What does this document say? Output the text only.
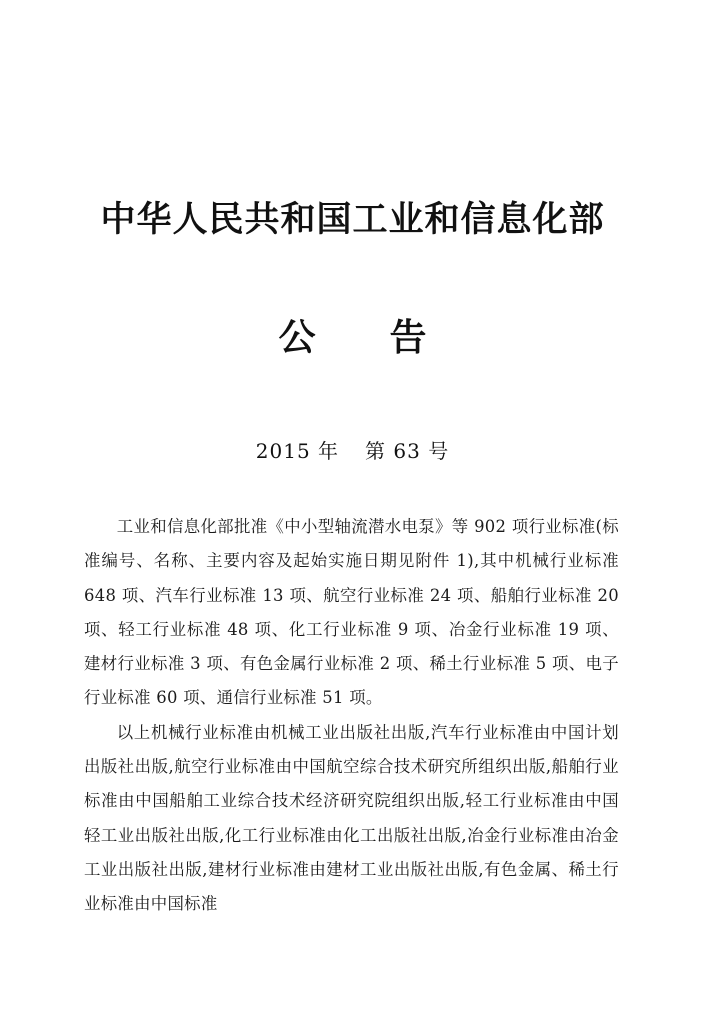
中华人民共和国工业和信息化部
公 告
2015 年 第 63 号

工业和信息化部批准《中小型轴流潜水电泵》等 902 项行业标准(标准编号、名称、主要内容及起始实施日期见附件 1),其中机械行业标准 648 项、汽车行业标准 13 项、航空行业标准 24 项、船舶行业标准 20 项、轻工行业标准 48 项、化工行业标准 9 项、冶金行业标准 19 项、建材行业标准 3 项、有色金属行业标准 2 项、稀土行业标准 5 项、电子行业标准 60 项、通信行业标准 51 项。

以上机械行业标准由机械工业出版社出版,汽车行业标准由中国计划出版社出版,航空行业标准由中国航空综合技术研究所组织出版,船舶行业标准由中国船舶工业综合技术经济研究院组织出版,轻工行业标准由中国轻工业出版社出版,化工行业标准由化工出版社出版,冶金行业标准由冶金工业出版社出版,建材行业标准由建材工业出版社出版,有色金属、稀土行业标准由中国标准
